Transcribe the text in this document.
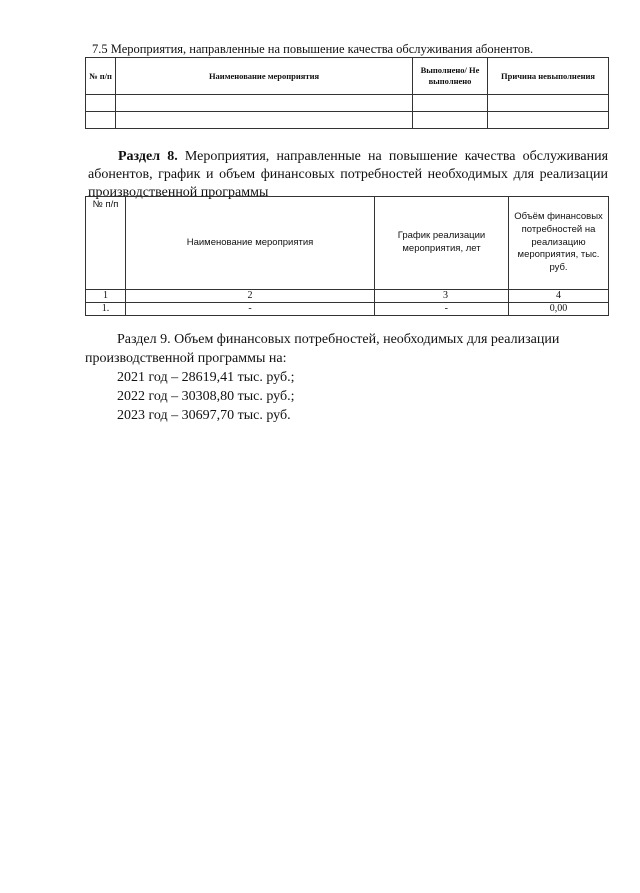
7.5 Мероприятия, направленные на повышение качества обслуживания абонентов.
№ п/п	Наименование мероприятия	Выполнено/ Не выполнено	Причина невыполнения

Раздел 8. Мероприятия, направленные на повышение качества обслуживания
абонентов, график и объем финансовых потребностей необходимых для реализации
производственной программы
№ п/п	Наименование мероприятия	График реализации мероприятия, лет	Объём финансовых потребностей на реализацию мероприятия, тыс. руб.
1	2	3	4
1.	-	-	0,00
Раздел 9. Объем финансовых потребностей, необходимых для реализации
производственной программы на:
2021 год – 28619,41 тыс. руб.;
2022 год – 30308,80 тыс. руб.;
2023 год – 30697,70 тыс. руб.
